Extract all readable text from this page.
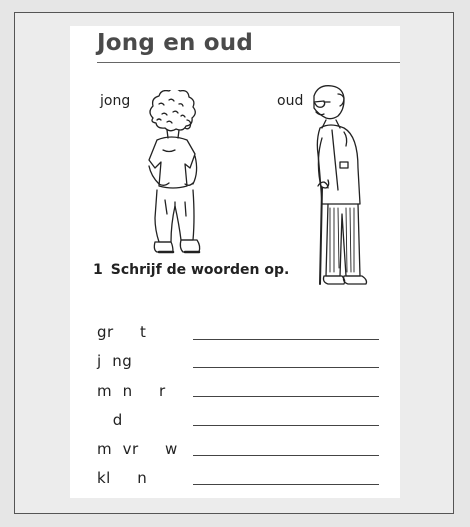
Jong en oud
jong	oud
1 Schrijf de woorden op.
gr     t
j  ng
m  n     r
d
m  vr     w
kl     n
